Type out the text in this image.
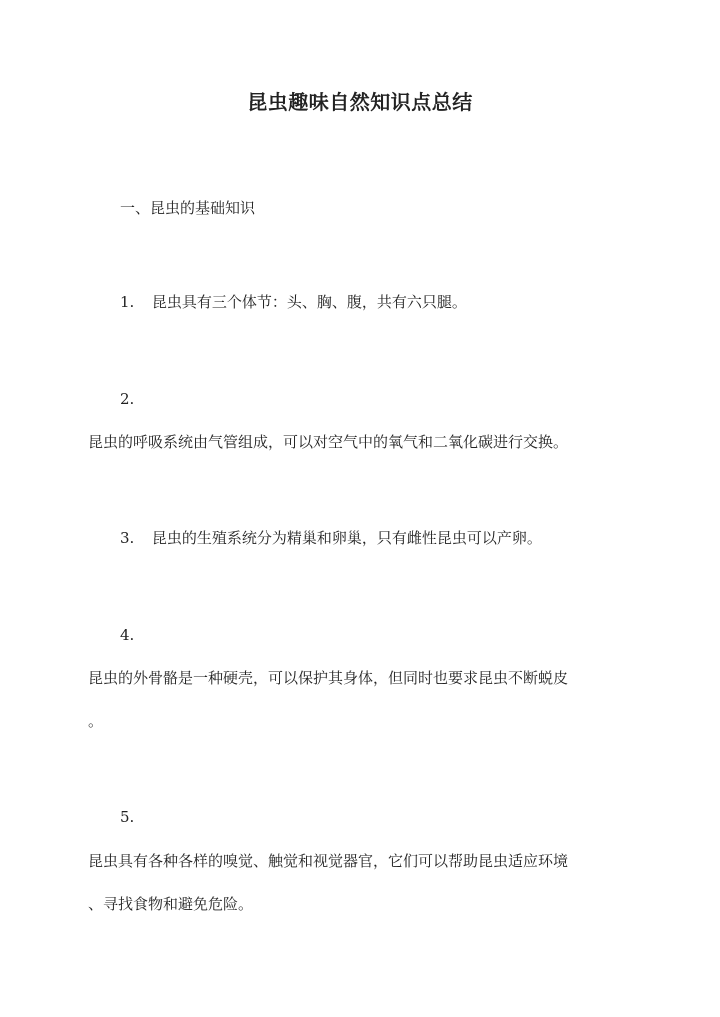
昆虫趣味自然知识点总结
一、昆虫的基础知识
1. 昆虫具有三个体节：头、胸、腹，共有六只腿。
2.
昆虫的呼吸系统由气管组成，可以对空气中的氧气和二氧化碳进行交换。
3. 昆虫的生殖系统分为精巢和卵巢，只有雌性昆虫可以产卵。
4.
昆虫的外骨骼是一种硬壳，可以保护其身体，但同时也要求昆虫不断蜕皮
。
5.
昆虫具有各种各样的嗅觉、触觉和视觉器官，它们可以帮助昆虫适应环境
、寻找食物和避免危险。
